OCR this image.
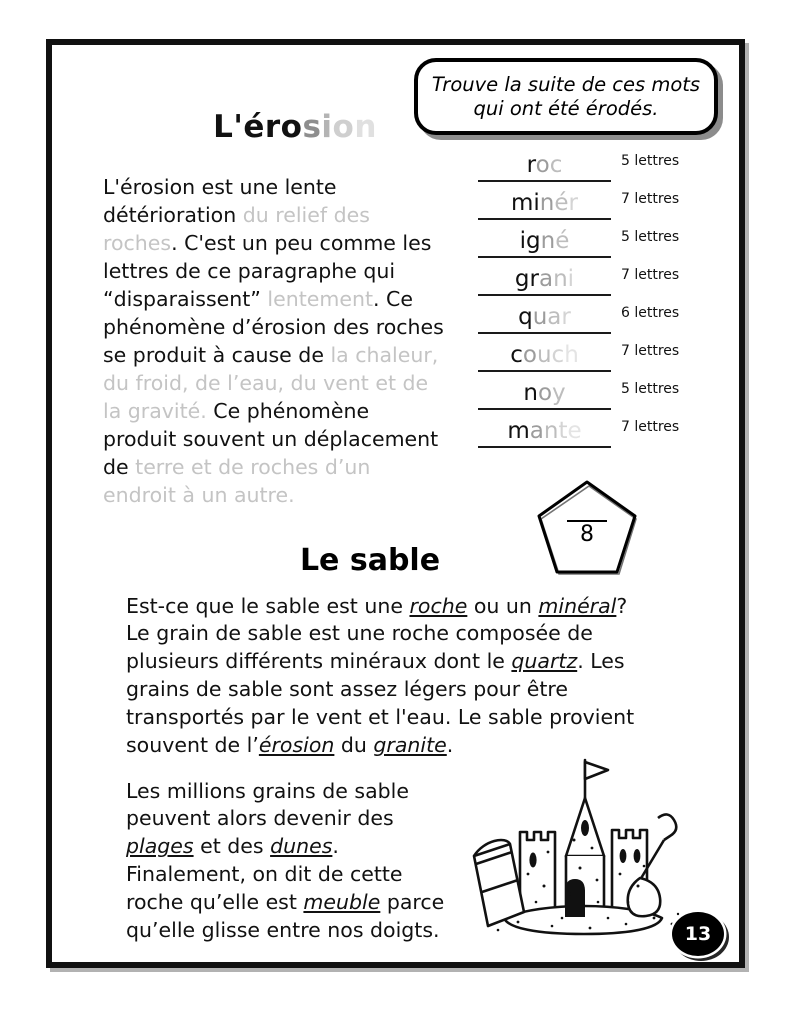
L'érosion
Trouve la suite de ces mots qui ont été érodés.

L'érosion est une lente détérioration du relief des roches. C'est un peu comme les lettres de ce paragraphe qui “disparaissent” lentement. Ce phénomène d’érosion des roches se produit à cause de la chaleur, du froid, de l’eau, du vent et de la gravité. Ce phénomène produit souvent un déplacement de terre et de roches d’un endroit à un autre.

roc	5 lettres
minér	7 lettres
igné	5 lettres
grani	7 lettres
quar	6 lettres
couch	7 lettres
noy	5 lettres
mante	7 lettres
8
Le sable

Est-ce que le sable est une roche ou un minéral? Le grain de sable est une roche composée de plusieurs différents minéraux dont le quartz. Les grains de sable sont assez légers pour être transportés par le vent et l'eau. Le sable provient souvent de l’érosion du granite.

Les millions grains de sable peuvent alors devenir des plages et des dunes. Finalement, on dit de cette roche qu’elle est meuble parce qu’elle glisse entre nos doigts.	13
